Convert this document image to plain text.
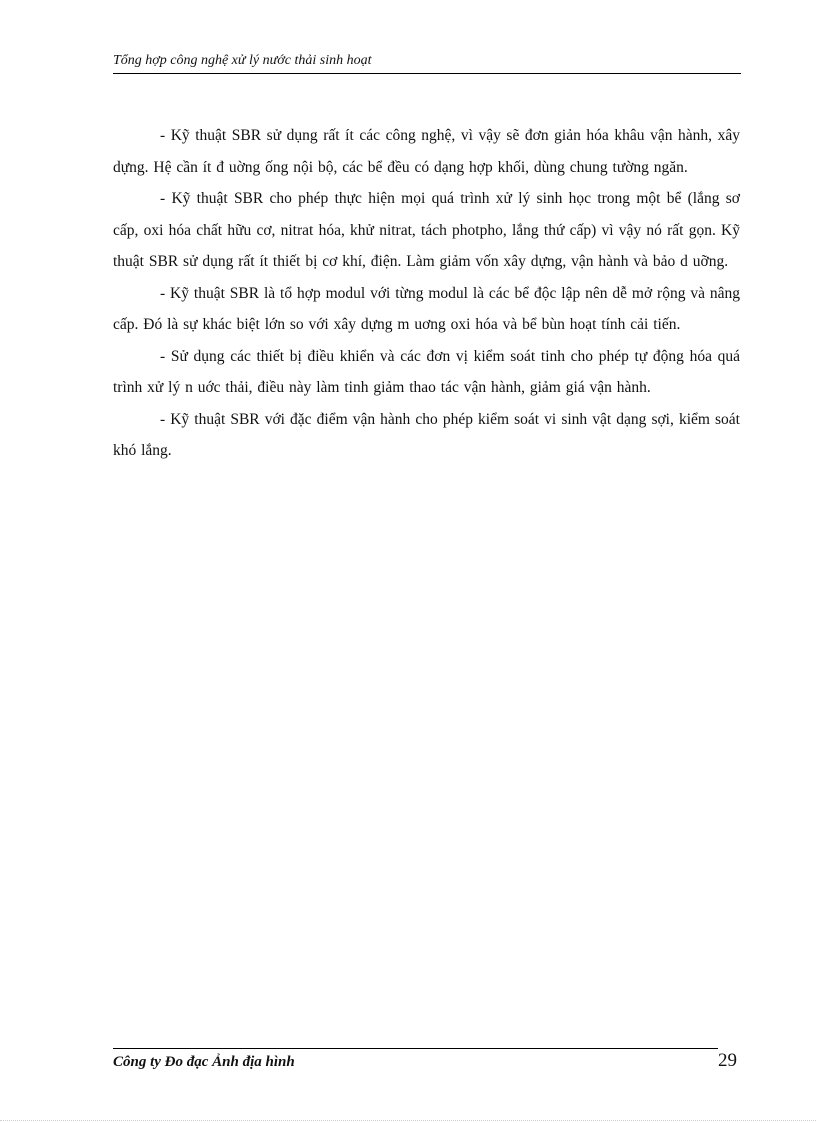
Tổng hợp công nghệ xử lý nước thải sinh hoạt

- Kỹ thuật SBR sử dụng rất ít các công nghệ, vì vậy sẽ đơn giản hóa khâu vận hành, xây dựng. Hệ cần ít đ uờng ống nội bộ, các bể đều có dạng hợp khối, dùng chung tường ngăn.

- Kỹ thuật SBR cho phép thực hiện mọi quá trình xử lý sinh học trong một bể (lắng sơ cấp, oxi hóa chất hữu cơ, nitrat hóa, khử nitrat, tách photpho, lắng thứ cấp) vì vậy nó rất gọn. Kỹ thuật SBR sử dụng rất ít thiết bị cơ khí, điện. Làm giảm vốn xây dựng, vận hành và bảo d uỡng.

- Kỹ thuật SBR là tổ hợp modul với từng modul là các bể độc lập nên dễ mở rộng và nâng cấp. Đó là sự khác biệt lớn so với xây dựng m uơng oxi hóa và bể bùn hoạt tính cải tiến.

- Sử dụng các thiết bị điều khiển và các đơn vị kiểm soát tinh cho phép tự động hóa quá trình xử lý n uớc thải, điều này làm tinh giảm thao tác vận hành, giảm giá vận hành.

- Kỹ thuật SBR với đặc điểm vận hành cho phép kiểm soát vi sinh vật dạng sợi, kiểm soát khó lắng.

Công ty Đo đạc Ảnh địa hình	29
